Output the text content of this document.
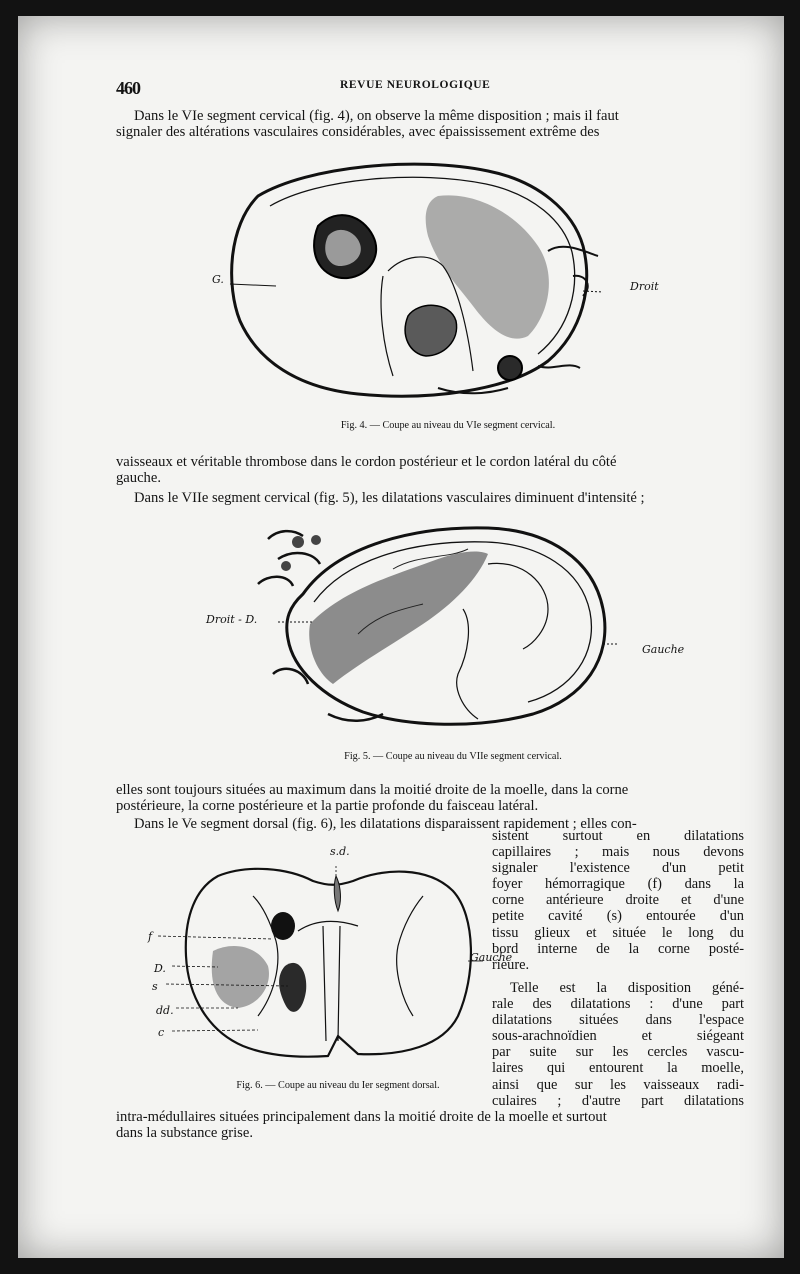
460	REVUE NEUROLOGIQUE
Dans le VIe segment cervical (fig. 4), on observe la même disposition ; mais il faut
signaler des altérations vasculaires considérables, avec épaississement extrême des
G.
Droit
Fig. 4. — Coupe au niveau du VIe segment cervical.
vaisseaux et véritable thrombose dans le cordon postérieur et le cordon latéral du côté
gauche.
Dans le VIIe segment cervical (fig. 5), les dilatations vasculaires diminuent d'intensité ;
Droit - D.
Gauche
Fig. 5. — Coupe au niveau du VIIe segment cervical.
elles sont toujours situées au maximum dans la moitié droite de la moelle, dans la corne
postérieure, la corne postérieure et la partie profonde du faisceau latéral.
Dans le Ve segment dorsal (fig. 6), les dilatations disparaissent rapidement ; elles con-
s.d.
f
D.
s
dd.
c
Gauche
Fig. 6. — Coupe au niveau du Ier segment dorsal.
sistent surtout en dilatations
capillaires ; mais nous devons
signaler l'existence d'un petit
foyer hémorragique (f) dans la
corne antérieure droite et d'une
petite cavité (s) entourée d'un
tissu glieux et située le long du
bord interne de la corne posté-
rieure.
Telle est la disposition géné-
rale des dilatations : d'une part
dilatations situées dans l'espace
sous-arachnoïdien et siégeant
par suite sur les cercles vascu-
laires qui entourent la moelle,
ainsi que sur les vaisseaux radi-
culaires ; d'autre part dilatations
intra-médullaires situées principalement dans la moitié droite de la moelle et surtout
dans la substance grise.
